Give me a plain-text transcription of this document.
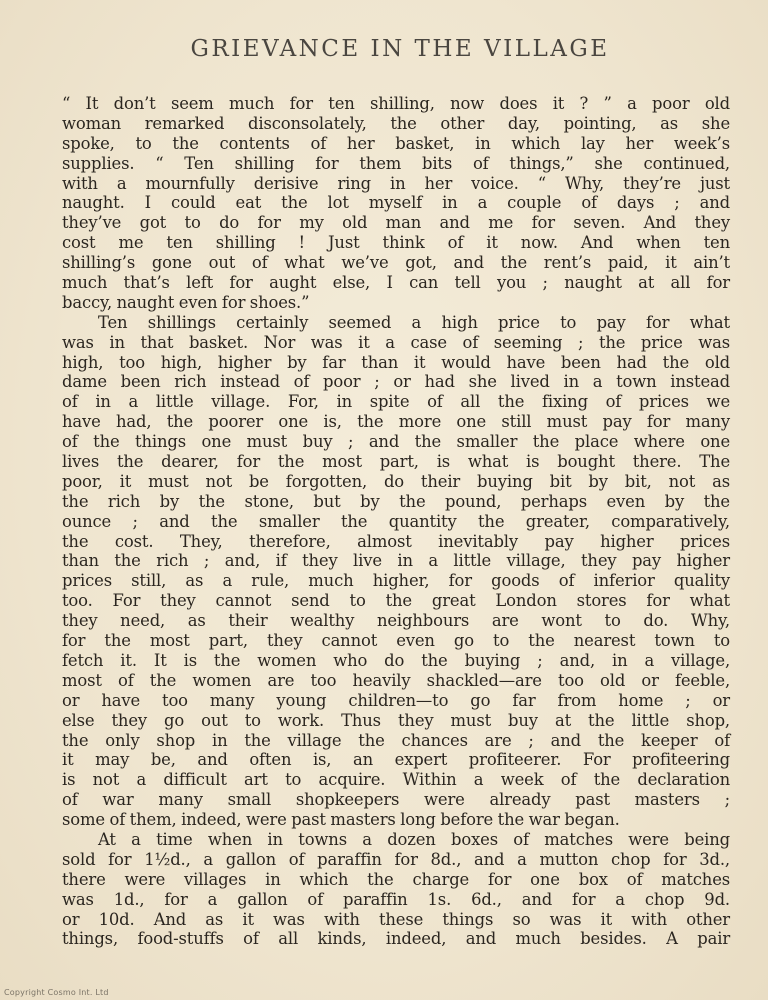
GRIEVANCE IN THE VILLAGE
“ It don’t seem much for ten shilling, now does it ? ” a poor old
woman remarked disconsolately, the other day, pointing, as she
spoke, to the contents of her basket, in which lay her week’s
supplies. “ Ten shilling for them bits of things,” she continued,
with a mournfully derisive ring in her voice. “ Why, they’re just
naught. I could eat the lot myself in a couple of days ; and
they’ve got to do for my old man and me for seven. And they
cost me ten shilling ! Just think of it now. And when ten
shilling’s gone out of what we’ve got, and the rent’s paid, it ain’t
much that’s left for aught else, I can tell you ; naught at all for
baccy, naught even for shoes.”
Ten shillings certainly seemed a high price to pay for what
was in that basket. Nor was it a case of seeming ; the price was
high, too high, higher by far than it would have been had the old
dame been rich instead of poor ; or had she lived in a town instead
of in a little village. For, in spite of all the fixing of prices we
have had, the poorer one is, the more one still must pay for many
of the things one must buy ; and the smaller the place where one
lives the dearer, for the most part, is what is bought there. The
poor, it must not be forgotten, do their buying bit by bit, not as
the rich by the stone, but by the pound, perhaps even by the
ounce ; and the smaller the quantity the greater, comparatively,
the cost. They, therefore, almost inevitably pay higher prices
than the rich ; and, if they live in a little village, they pay higher
prices still, as a rule, much higher, for goods of inferior quality
too. For they cannot send to the great London stores for what
they need, as their wealthy neighbours are wont to do. Why,
for the most part, they cannot even go to the nearest town to
fetch it. It is the women who do the buying ; and, in a village,
most of the women are too heavily shackled—are too old or feeble,
or have too many young children—to go far from home ; or
else they go out to work. Thus they must buy at the little shop,
the only shop in the village the chances are ; and the keeper of
it may be, and often is, an expert profiteerer. For profiteering
is not a difficult art to acquire. Within a week of the declaration
of war many small shopkeepers were already past masters ;
some of them, indeed, were past masters long before the war began.
At a time when in towns a dozen boxes of matches were being
sold for 1½d., a gallon of paraffin for 8d., and a mutton chop for 3d.,
there were villages in which the charge for one box of matches
was 1d., for a gallon of paraffin 1s. 6d., and for a chop 9d.
or 10d. And as it was with these things so was it with other
things, food-stuffs of all kinds, indeed, and much besides. A pair
Copyright Cosmo Int. Ltd
